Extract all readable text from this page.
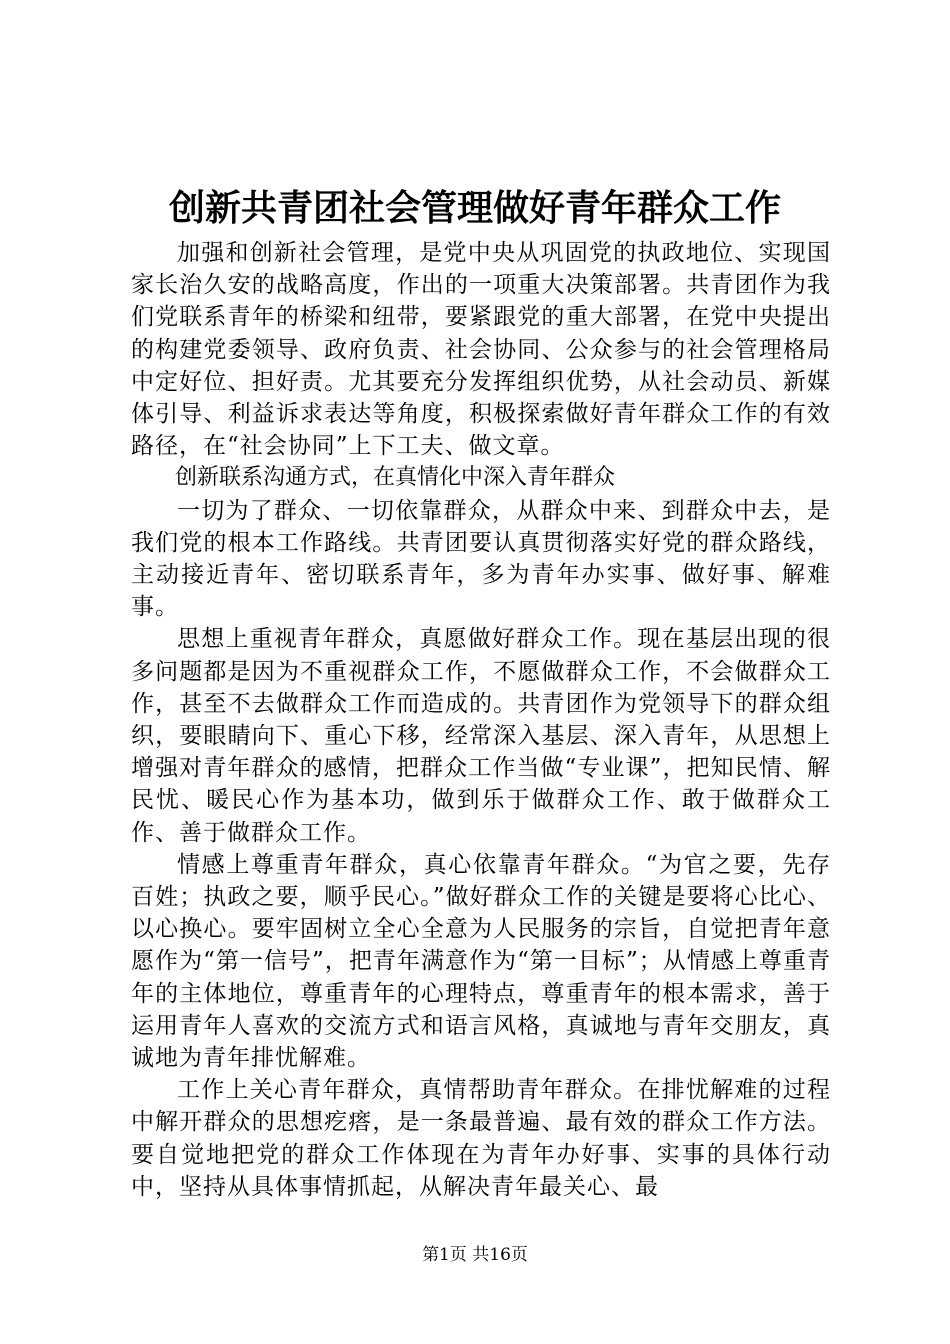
创新共青团社会管理做好青年群众工作

加强和创新社会管理，是党中央从巩固党的执政地位、实现国家长治久安的战略高度，作出的一项重大决策部署。共青团作为我们党联系青年的桥梁和纽带，要紧跟党的重大部署，在党中央提出的构建党委领导、政府负责、社会协同、公众参与的社会管理格局中定好位、担好责。尤其要充分发挥组织优势，从社会动员、新媒体引导、利益诉求表达等角度，积极探索做好青年群众工作的有效路径，在“社会协同”上下工夫、做文章。

创新联系沟通方式，在真情化中深入青年群众

一切为了群众、一切依靠群众，从群众中来、到群众中去，是我们党的根本工作路线。共青团要认真贯彻落实好党的群众路线，主动接近青年、密切联系青年，多为青年办实事、做好事、解难事。

思想上重视青年群众，真愿做好群众工作。现在基层出现的很多问题都是因为不重视群众工作，不愿做群众工作，不会做群众工作，甚至不去做群众工作而造成的。共青团作为党领导下的群众组织，要眼睛向下、重心下移，经常深入基层、深入青年，从思想上增强对青年群众的感情，把群众工作当做“专业课”，把知民情、解民忧、暖民心作为基本功，做到乐于做群众工作、敢于做群众工作、善于做群众工作。

情感上尊重青年群众，真心依靠青年群众。“为官之要，先存百姓；执政之要，顺乎民心。”做好群众工作的关键是要将心比心、以心换心。要牢固树立全心全意为人民服务的宗旨，自觉把青年意愿作为“第一信号”，把青年满意作为“第一目标”；从情感上尊重青年的主体地位，尊重青年的心理特点，尊重青年的根本需求，善于运用青年人喜欢的交流方式和语言风格，真诚地与青年交朋友，真诚地为青年排忧解难。

工作上关心青年群众，真情帮助青年群众。在排忧解难的过程中解开群众的思想疙瘩，是一条最普遍、最有效的群众工作方法。要自觉地把党的群众工作体现在为青年办好事、实事的具体行动中，坚持从具体事情抓起，从解决青年最关心、最

第1页 共16页
